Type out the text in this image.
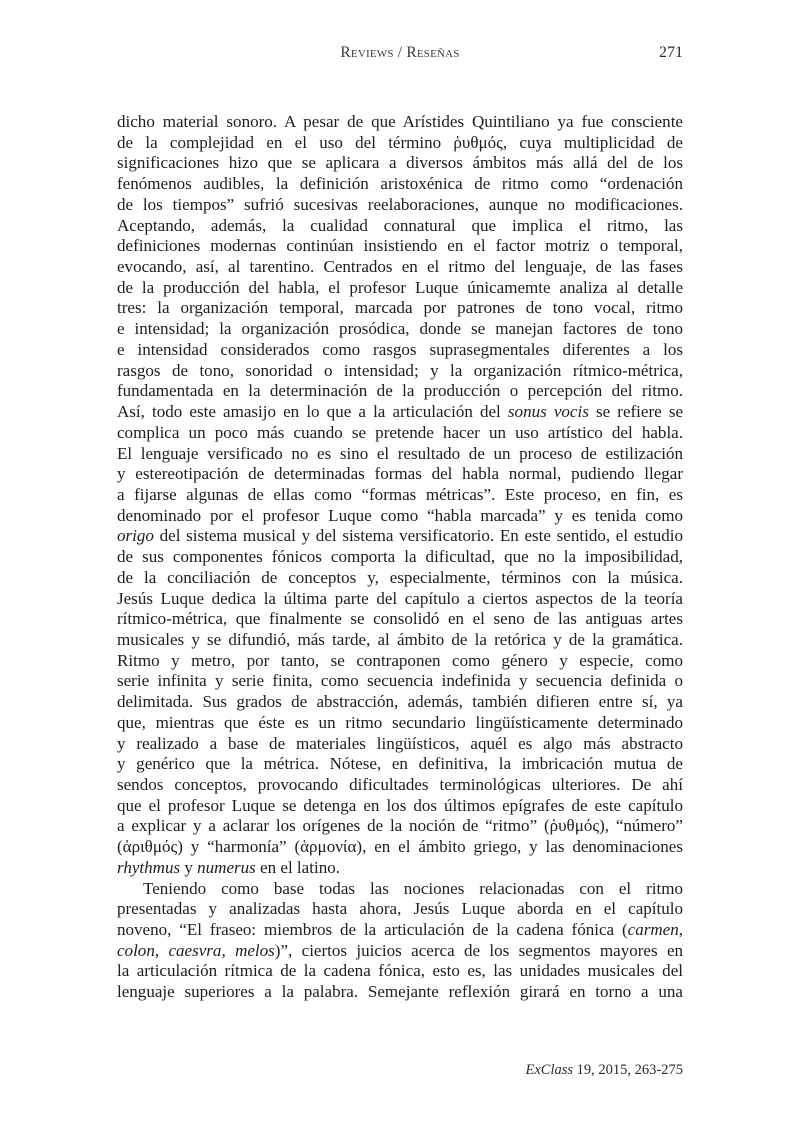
Reviews / Reseñas	271

dicho material sonoro. A pesar de que Arístides Quintiliano ya fue consciente
de la complejidad en el uso del término ῥυθμός, cuya multiplicidad de
significaciones hizo que se aplicara a diversos ámbitos más allá del de los
fenómenos audibles, la definición aristoxénica de ritmo como “ordenación
de los tiempos” sufrió sucesivas reelaboraciones, aunque no modificaciones.
Aceptando, además, la cualidad connatural que implica el ritmo, las
definiciones modernas continúan insistiendo en el factor motriz o temporal,
evocando, así, al tarentino. Centrados en el ritmo del lenguaje, de las fases
de la producción del habla, el profesor Luque únicamemte analiza al detalle
tres: la organización temporal, marcada por patrones de tono vocal, ritmo
e intensidad; la organización prosódica, donde se manejan factores de tono
e intensidad considerados como rasgos suprasegmentales diferentes a los
rasgos de tono, sonoridad o intensidad; y la organización rítmico-métrica,
fundamentada en la determinación de la producción o percepción del ritmo.
Así, todo este amasijo en lo que a la articulación del sonus vocis se refiere se
complica un poco más cuando se pretende hacer un uso artístico del habla.
El lenguaje versificado no es sino el resultado de un proceso de estilización
y estereotipación de determinadas formas del habla normal, pudiendo llegar
a fijarse algunas de ellas como “formas métricas”. Este proceso, en fin, es
denominado por el profesor Luque como “habla marcada” y es tenida como
origo del sistema musical y del sistema versificatorio. En este sentido, el estudio
de sus componentes fónicos comporta la dificultad, que no la imposibilidad,
de la conciliación de conceptos y, especialmente, términos con la música.
Jesús Luque dedica la última parte del capítulo a ciertos aspectos de la teoría
rítmico-métrica, que finalmente se consolidó en el seno de las antiguas artes
musicales y se difundió, más tarde, al ámbito de la retórica y de la gramática.
Ritmo y metro, por tanto, se contraponen como género y especie, como
serie infinita y serie finita, como secuencia indefinida y secuencia definida o
delimitada. Sus grados de abstracción, además, también difieren entre sí, ya
que, mientras que éste es un ritmo secundario lingüísticamente determinado
y realizado a base de materiales lingüísticos, aquél es algo más abstracto
y genérico que la métrica. Nótese, en definitiva, la imbricación mutua de
sendos conceptos, provocando dificultades terminológicas ulteriores. De ahí
que el profesor Luque se detenga en los dos últimos epígrafes de este capítulo
a explicar y a aclarar los orígenes de la noción de “ritmo” (ῥυθμός), “número”
(ἀριθμός) y “harmonía” (ἁρμονία), en el ámbito griego, y las denominaciones
rhythmus y numerus en el latino.

Teniendo como base todas las nociones relacionadas con el ritmo
presentadas y analizadas hasta ahora, Jesús Luque aborda en el capítulo
noveno, “El fraseo: miembros de la articulación de la cadena fónica (carmen,
colon, caesvra, melos)”, ciertos juicios acerca de los segmentos mayores en
la articulación rítmica de la cadena fónica, esto es, las unidades musicales del
lenguaje superiores a la palabra. Semejante reflexión girará en torno a una

ExClass 19, 2015, 263-275
